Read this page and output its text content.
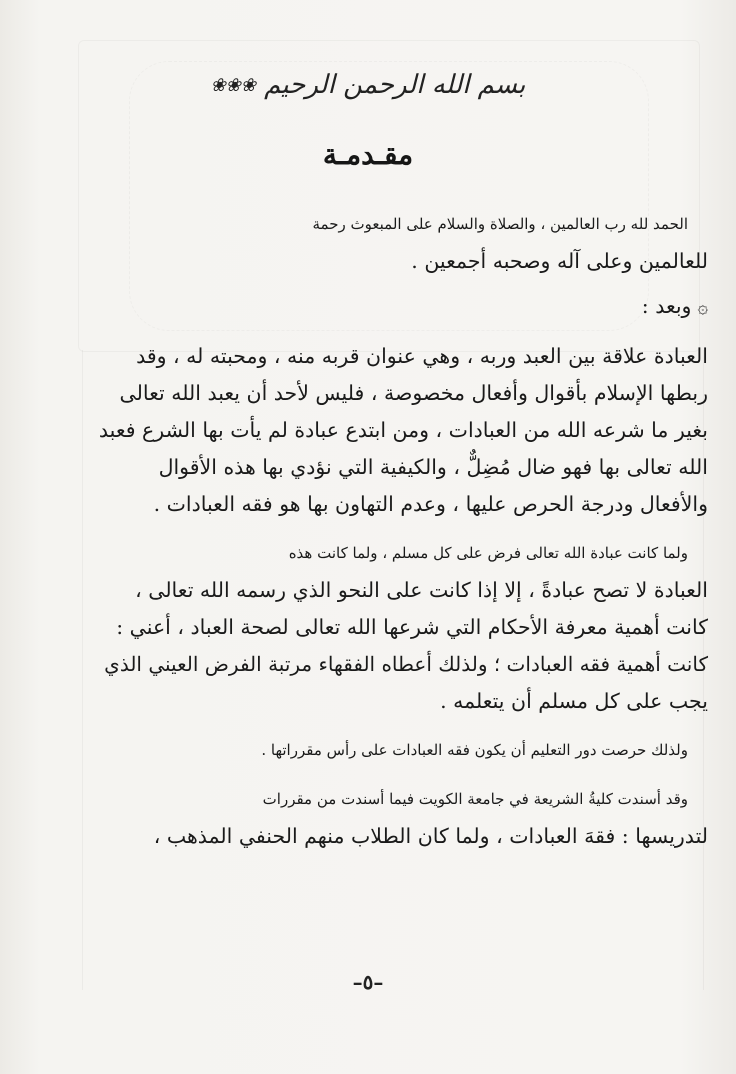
❀❀❀ بسم الله الرحمن الرحيم
مقـدمـة

الحمد لله رب العالمين ، والصلاة والسلام على المبعوث رحمة
للعالمين وعلى آله وصحبه أجمعين .

۞وبعد :

العبادة علاقة بين العبد وربه ، وهي عنوان قربه منه ، ومحبته له ، وقد
ربطها الإسلام بأقوال وأفعال مخصوصة ، فليس لأحد أن يعبد الله تعالى
بغير ما شرعه الله من العبادات ، ومن ابتدع عبادة لم يأت بها الشرع فعبد
الله تعالى بها فهو ضال مُضِلٌّ ، والكيفية التي نؤدي بها هذه الأقوال
والأفعال ودرجة الحرص عليها ، وعدم التهاون بها هو فقه العبادات .

ولما كانت عبادة الله تعالى فرض على كل مسلم ، ولما كانت هذه
العبادة لا تصح عبادةً ، إلا إذا كانت على النحو الذي رسمه الله تعالى ،
كانت أهمية معرفة الأحكام التي شرعها الله تعالى لصحة العباد ، أعني :
كانت أهمية فقه العبادات ؛ ولذلك أعطاه الفقهاء مرتبة الفرض العيني الذي
يجب على كل مسلم أن يتعلمه .

ولذلك حرصت دور التعليم أن يكون فقه العبادات على رأس مقرراتها .

وقد أسندت كليةُ الشريعة في جامعة الكويت فيما أسندت من مقررات
لتدريسها : فقهَ العبادات ، ولما كان الطلاب منهم الحنفي المذهب ،

–٥–
